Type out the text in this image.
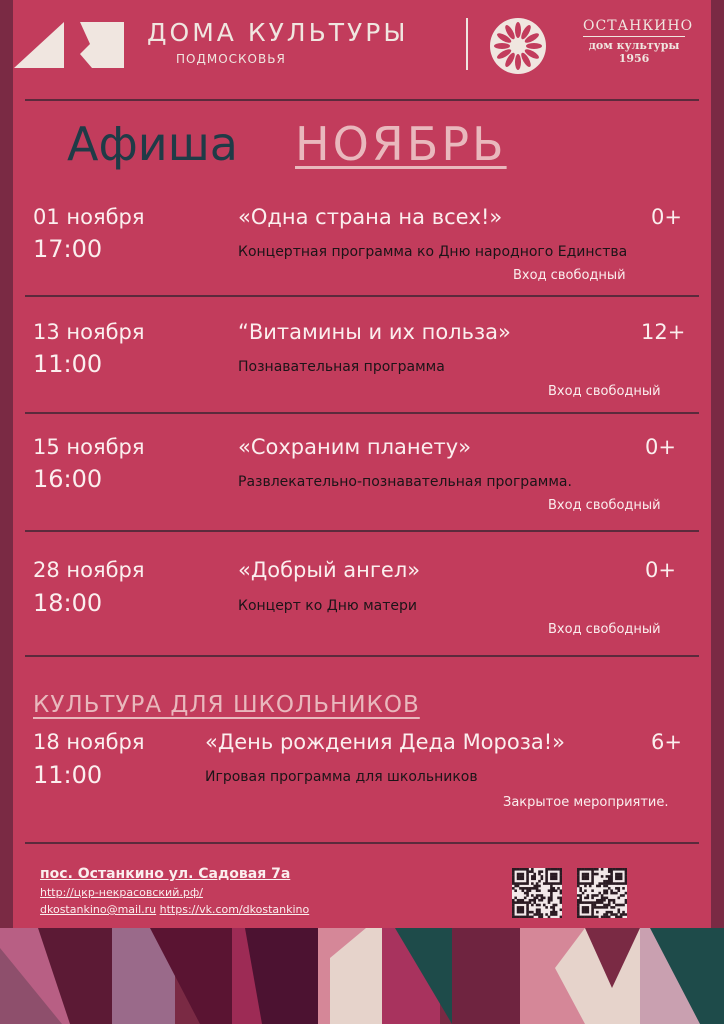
ДОМА КУЛЬТУРЫ
ПОДМОСКОВЬЯ
ОСТАНКИНО
дом культуры
1956
Афиша НОЯБРЬ
01 ноября
17:00
«Одна страна на всех!»	0+
Концертная программа ко Дню народного Единства
Вход свободный
13 ноября
11:00
“Витамины и их польза»	12+
Познавательная программа
Вход свободный
15 ноября
16:00
«Сохраним планету»	0+
Развлекательно-познавательная программа.
Вход свободный
28 ноября
18:00
«Добрый ангел»	0+
Концерт ко Дню матери
Вход свободный
КУЛЬТУРА ДЛЯ ШКОЛЬНИКОВ
18 ноября
11:00
«День рождения Деда Мороза!»	6+
Игровая программа для школьников
Закрытое мероприятие.
пос. Останкино ул. Садовая 7а
http://цкр-некрасовский.рф/
dkostankino@mail.ru https://vk.com/dkostankino
